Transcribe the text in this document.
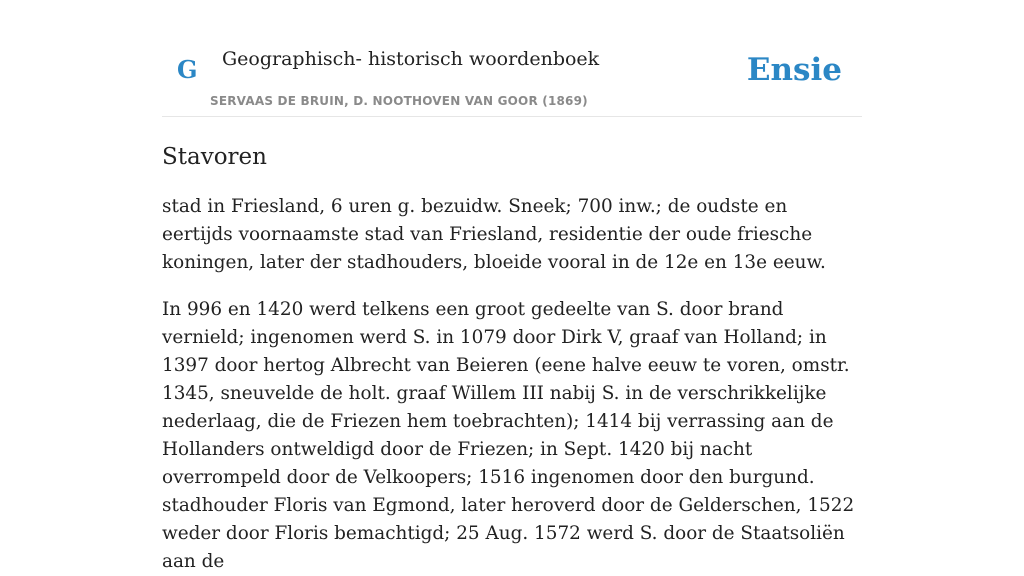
G Geographisch- historisch woordenboek
SERVAAS DE BRUIN, D. NOOTHOVEN VAN GOOR (1869)
Ensie
Stavoren

stad in Friesland, 6 uren g. bezuidw. Sneek; 700 inw.; de oudste en eertijds voornaamste stad van Friesland, residentie der oude friesche koningen, later der stadhouders, bloeide vooral in de 12e en 13e eeuw.

In 996 en 1420 werd telkens een groot gedeelte van S. door brand vernield; ingenomen werd S. in 1079 door Dirk V, graaf van Holland; in 1397 door hertog Albrecht van Beieren (eene halve eeuw te voren, omstr. 1345, sneuvelde de holt. graaf Willem III nabij S. in de verschrikkelijke nederlaag, die de Friezen hem toebrachten); 1414 bij verrassing aan de Hollanders ontweldigd door de Friezen; in Sept. 1420 bij nacht overrompeld door de Velkoopers; 1516 ingenomen door den burgund. stadhouder Floris van Egmond, later heroverd door de Gelderschen, 1522 weder door Floris bemachtigd; 25 Aug. 1572 werd S. door de Staatsoliën aan de
